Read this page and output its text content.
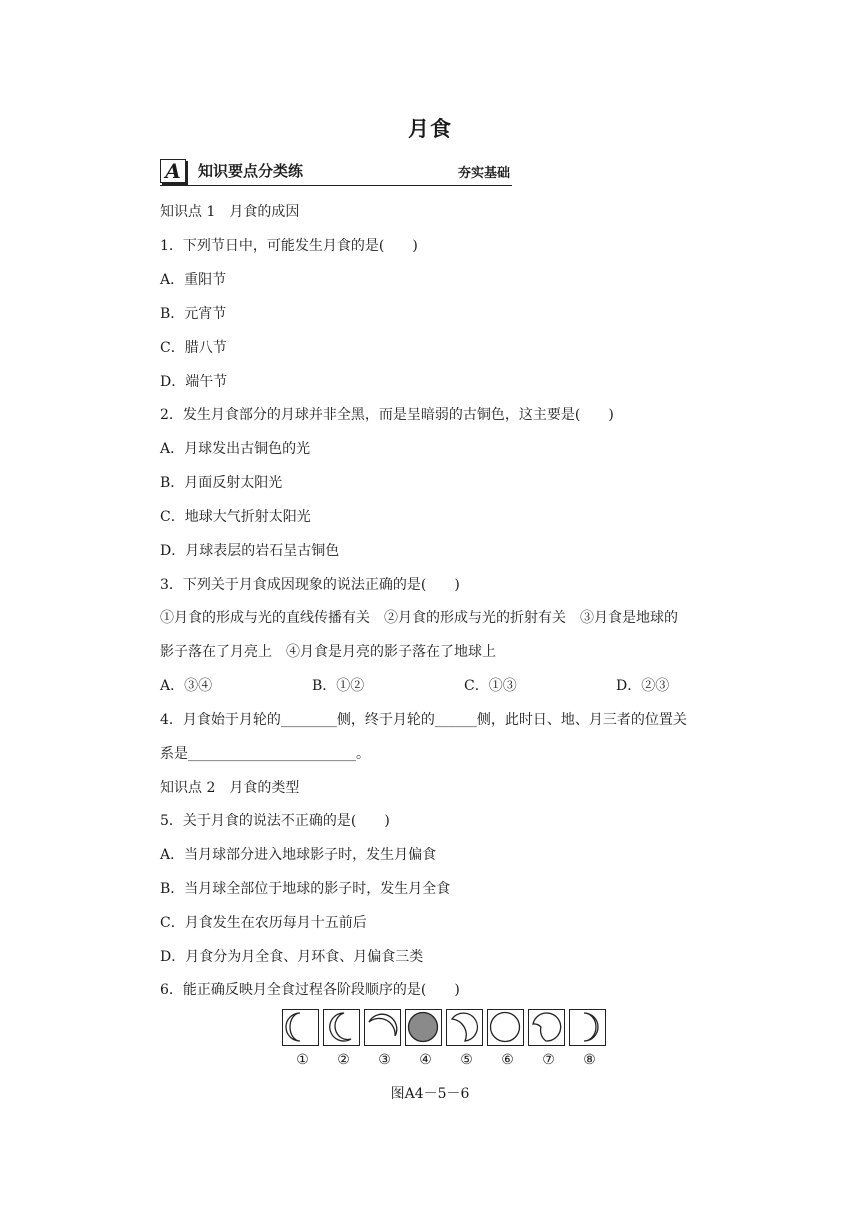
月食
A	知识要点分类练	夯实基础
知识点 1　月食的成因
1．下列节日中，可能发生月食的是(　　)
A．重阳节
B．元宵节
C．腊八节
D．端午节
2．发生月食部分的月球并非全黑，而是呈暗弱的古铜色，这主要是(　　)
A．月球发出古铜色的光
B．月面反射太阳光
C．地球大气折射太阳光
D．月球表层的岩石呈古铜色
3．下列关于月食成因现象的说法正确的是(　　)
①月食的形成与光的直线传播有关　②月食的形成与光的折射有关　③月食是地球的
影子落在了月亮上　④月食是月亮的影子落在了地球上
A．③④	B．①②	C．①③	D．②③
4．月食始于月轮的________侧，终于月轮的______侧，此时日、地、月三者的位置关
系是________________________。
知识点 2　月食的类型
5．关于月食的说法不正确的是(　　)
A．当月球部分进入地球影子时，发生月偏食
B．当月球全部位于地球的影子时，发生月全食
C．月食发生在农历每月十五前后
D．月食分为月全食、月环食、月偏食三类
6．能正确反映月全食过程各阶段顺序的是(　　)
①	②	③	④	⑤	⑥	⑦	⑧
图A4－5－6
